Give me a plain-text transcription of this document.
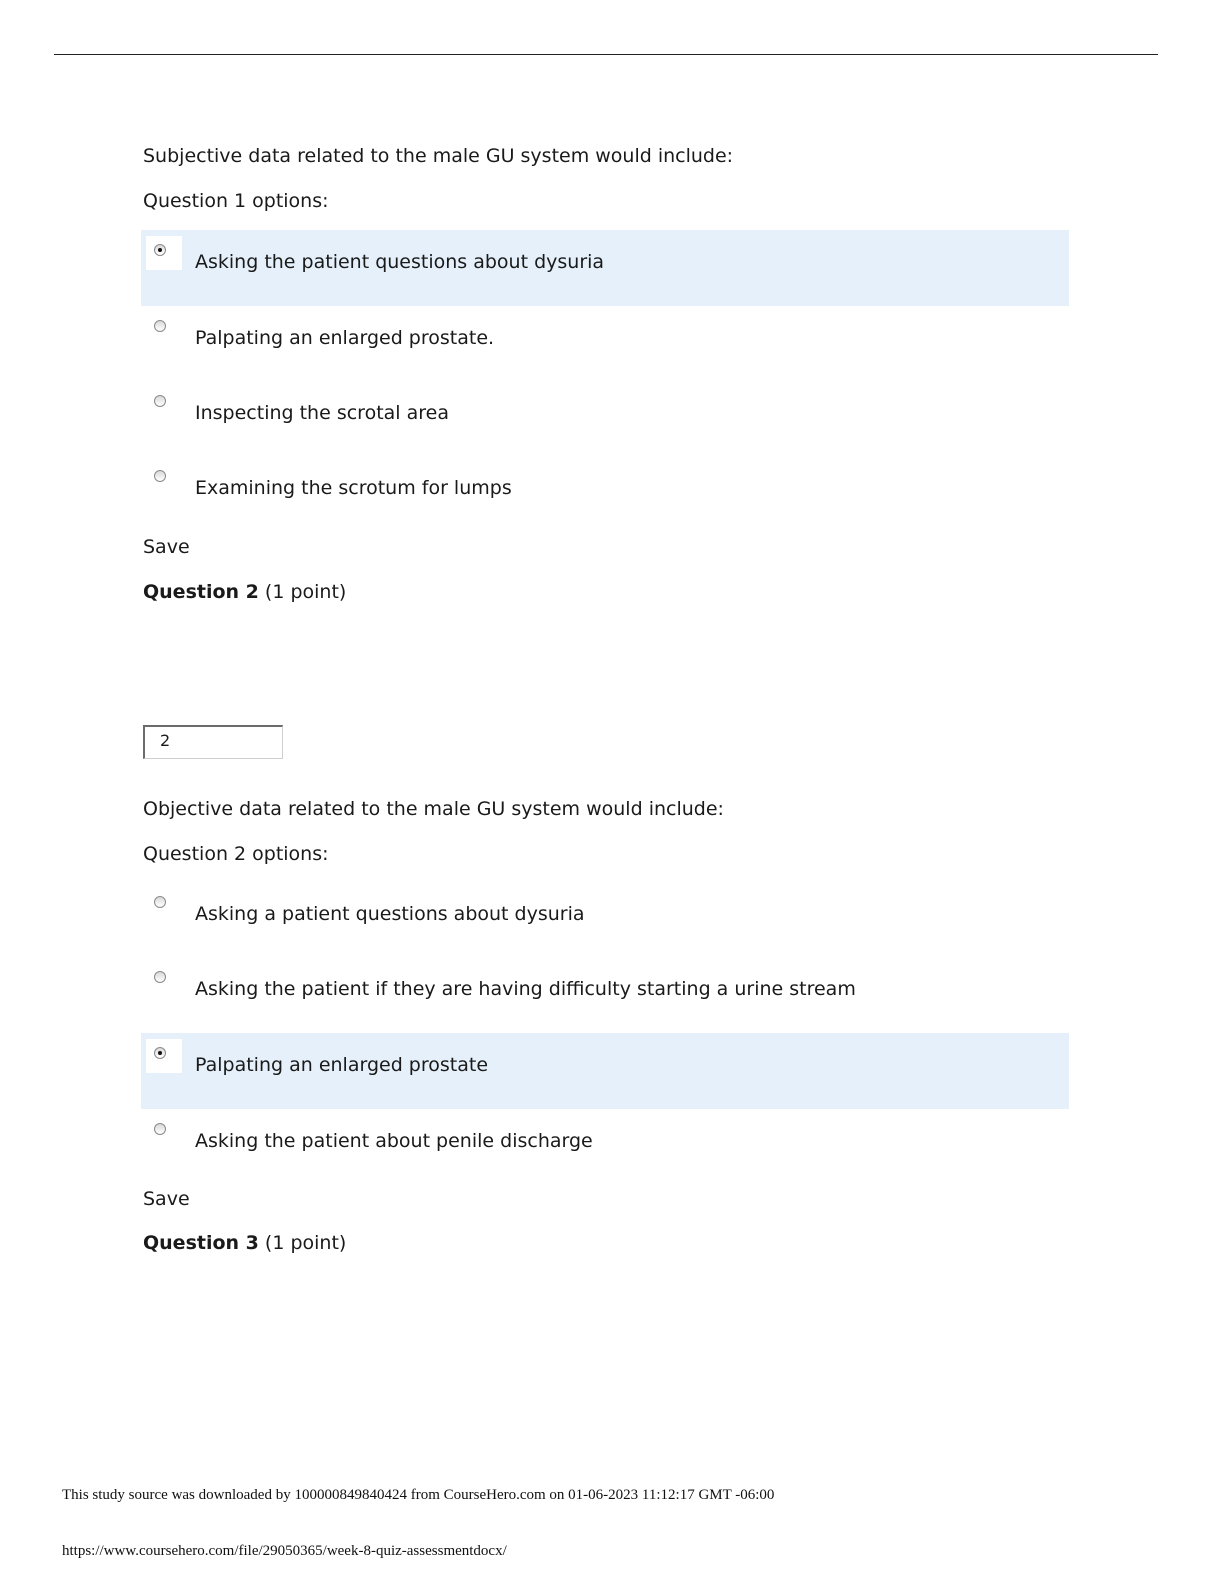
Subjective data related to the male GU system would include:
Question 1 options:
Asking the patient questions about dysuria
Palpating an enlarged prostate.
Inspecting the scrotal area
Examining the scrotum for lumps
Save
Question 2 (1 point)
2
Objective data related to the male GU system would include:
Question 2 options:
Asking a patient questions about dysuria
Asking the patient if they are having difficulty starting a urine stream
Palpating an enlarged prostate
Asking the patient about penile discharge
Save
Question 3 (1 point)
This study source was downloaded by 100000849840424 from CourseHero.com on 01-06-2023 11:12:17 GMT -06:00
https://www.coursehero.com/file/29050365/week-8-quiz-assessmentdocx/
